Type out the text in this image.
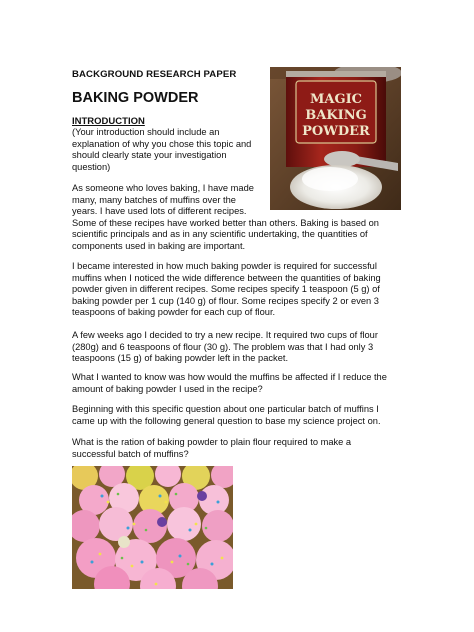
BACKGROUND RESEARCH PAPER
BAKING POWDER
INTRODUCTION
(Your introduction should include an
explanation of why you chose this topic and
should clearly state your investigation
question)
As someone who loves baking, I have made
many, many batches of muffins over the
years. I have used lots of different recipes.
Some of these recipes have worked better than others. Baking is based on
scientific principals and as in any scientific undertaking, the quantities of
components used in baking are important.
I became interested in how much baking powder is required for successful
muffins when I noticed the wide difference between the quantities of baking
powder given in different recipes. Some recipes specify 1 teaspoon (5 g) of
baking powder per 1 cup (140 g) of flour. Some recipes specify 2 or even 3
teaspoons of baking powder for each cup of flour.
A few weeks ago I decided to try a new recipe. It required two cups of flour
(280g) and 6 teaspoons of flour (30 g). The problem was that I had only 3
teaspoons (15 g) of baking powder left in the packet.
What I wanted to know was how would the muffins be affected if I reduce the
amount of baking powder I used in the recipe?
Beginning with this specific question about one particular batch of muffins I
came up with the following general question to base my science project on.
What is the ration of baking powder to plain flour required to make a
successful batch of muffins?
MAGIC
BAKING
POWDER
